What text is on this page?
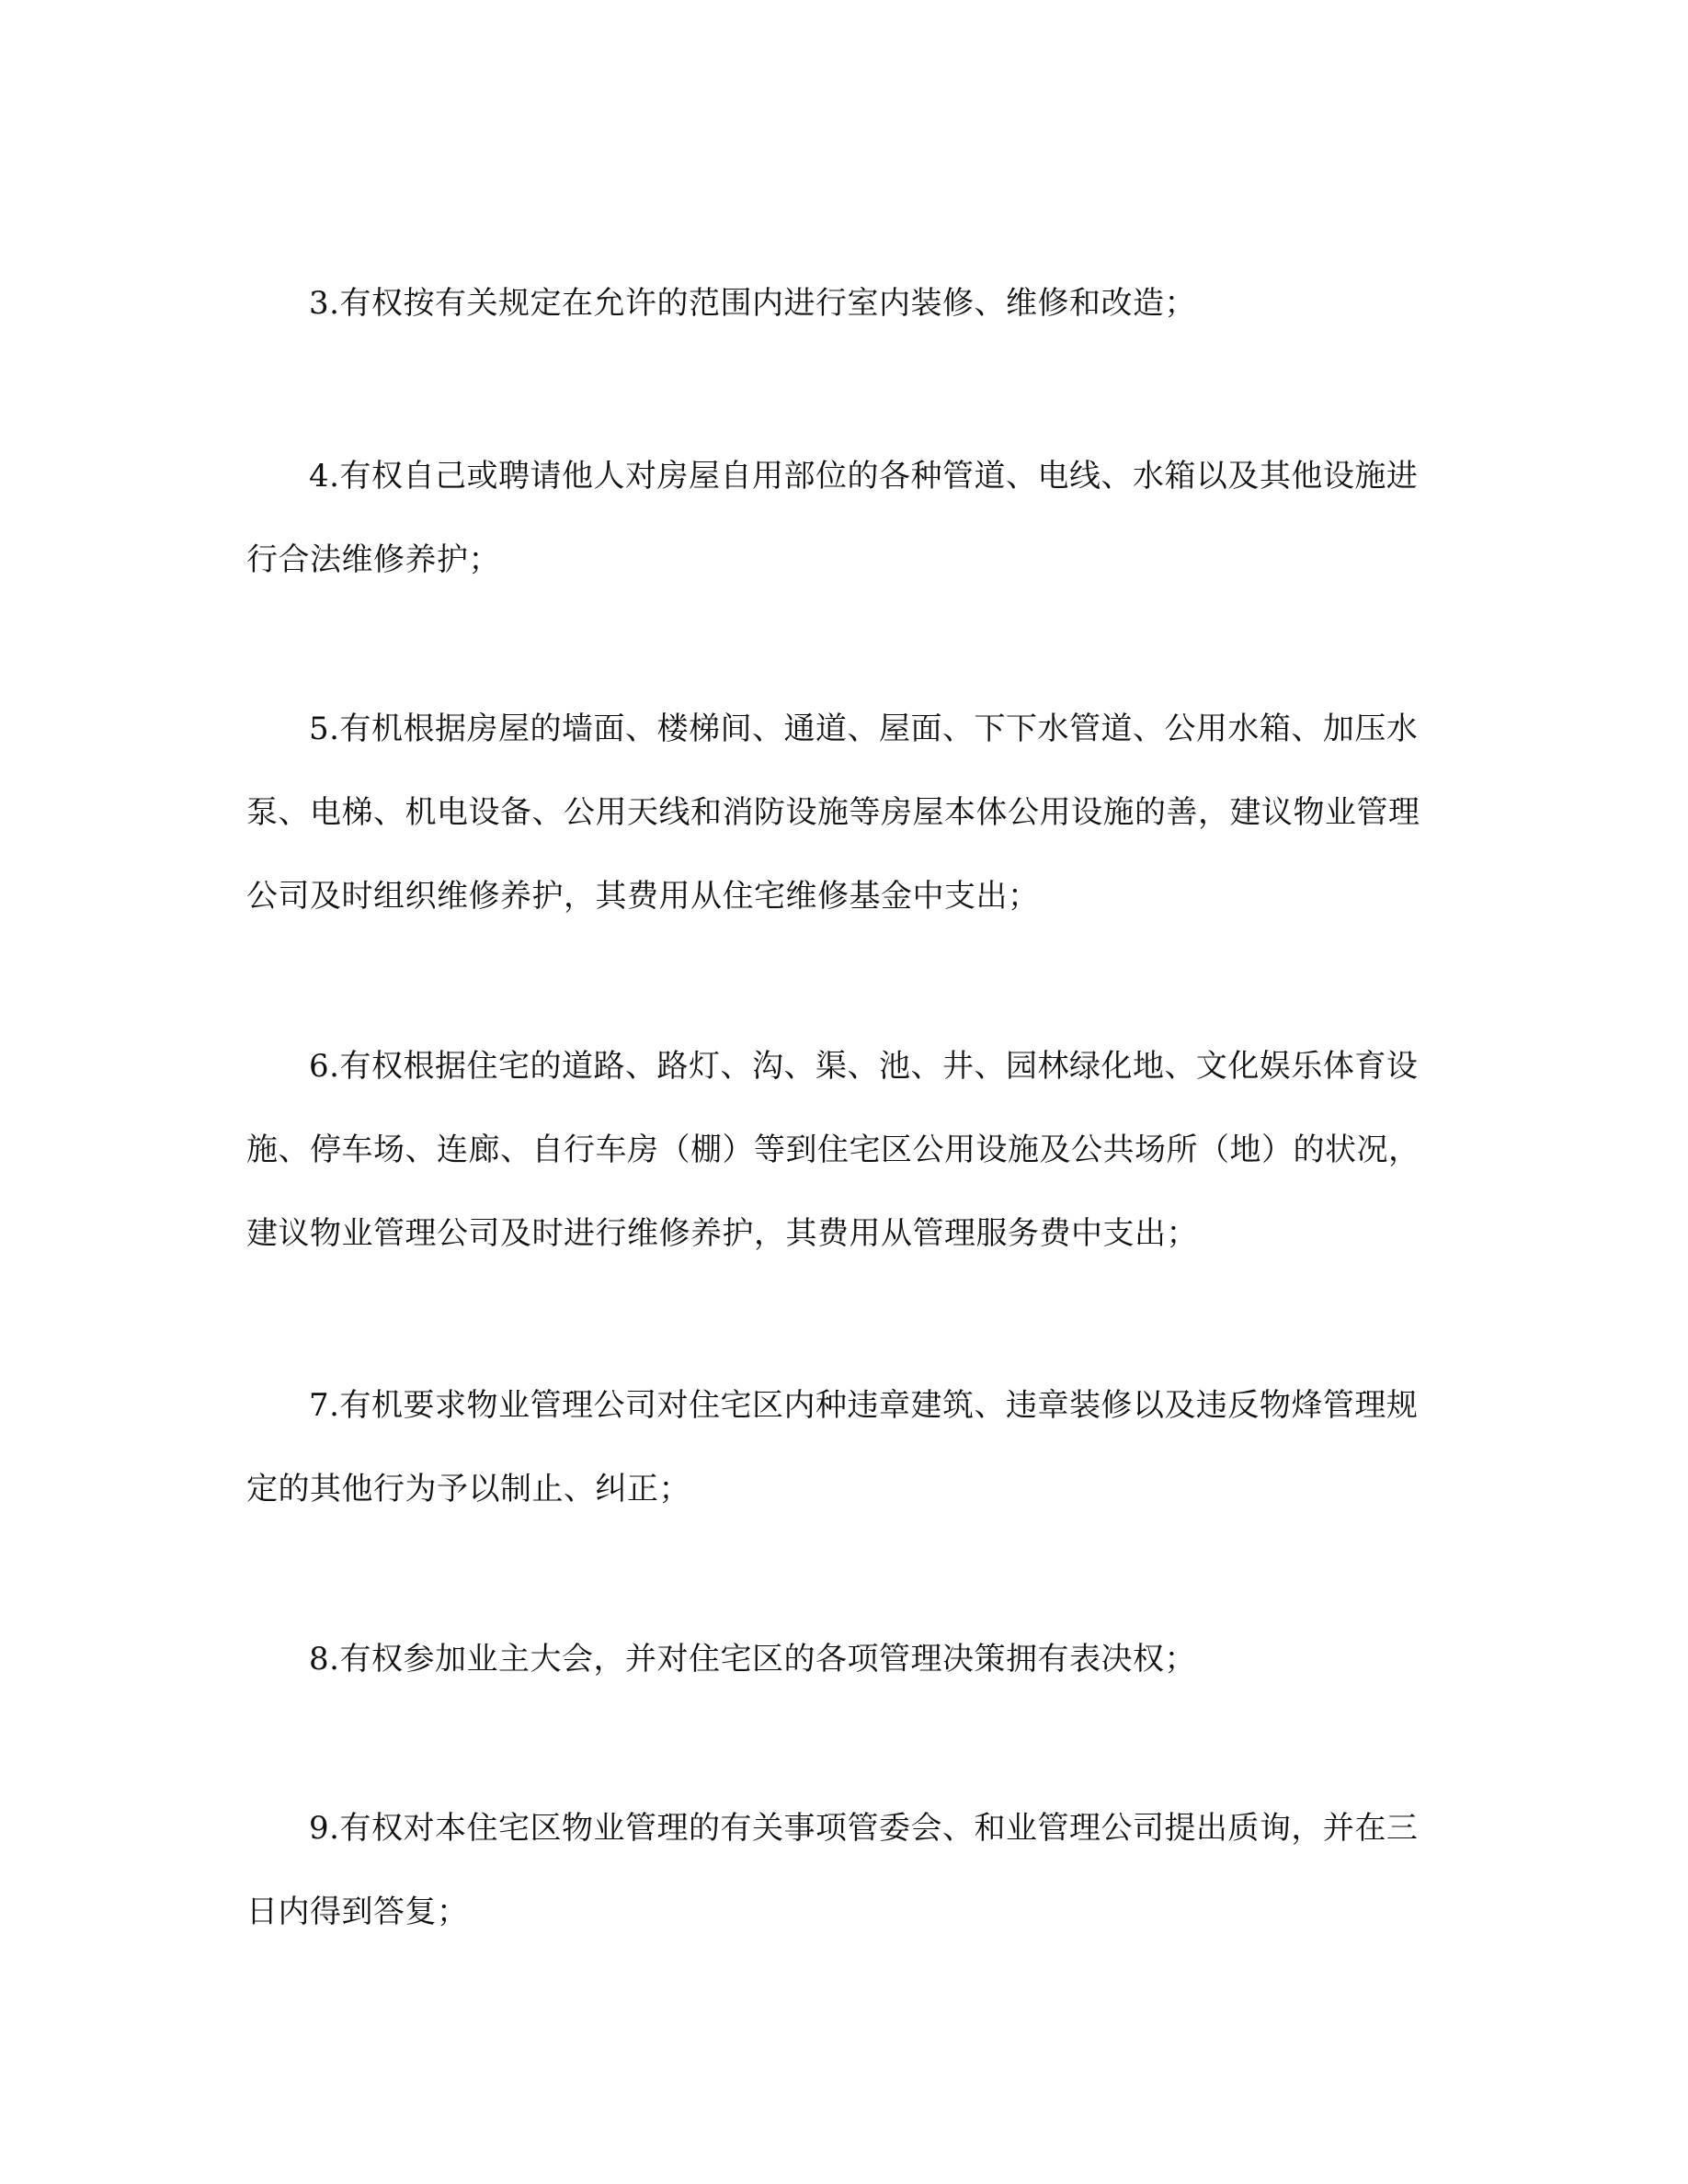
3.有权按有关规定在允许的范围内进行室内装修、维修和改造；

4.有权自己或聘请他人对房屋自用部位的各种管道、电线、水箱以及其他设施进行合法维修养护；

5.有机根据房屋的墙面、楼梯间、通道、屋面、下下水管道、公用水箱、加压水泵、电梯、机电设备、公用天线和消防设施等房屋本体公用设施的善，建议物业管理公司及时组织维修养护，其费用从住宅维修基金中支出；

6.有权根据住宅的道路、路灯、沟、渠、池、井、园林绿化地、文化娱乐体育设施、停车场、连廊、自行车房（棚）等到住宅区公用设施及公共场所（地）的状况，建议物业管理公司及时进行维修养护，其费用从管理服务费中支出；

7.有机要求物业管理公司对住宅区内种违章建筑、违章装修以及违反物烽管理规定的其他行为予以制止、纠正；

8.有权参加业主大会，并对住宅区的各项管理决策拥有表决权；

9.有权对本住宅区物业管理的有关事项管委会、和业管理公司提出质询，并在三日内得到答复；
